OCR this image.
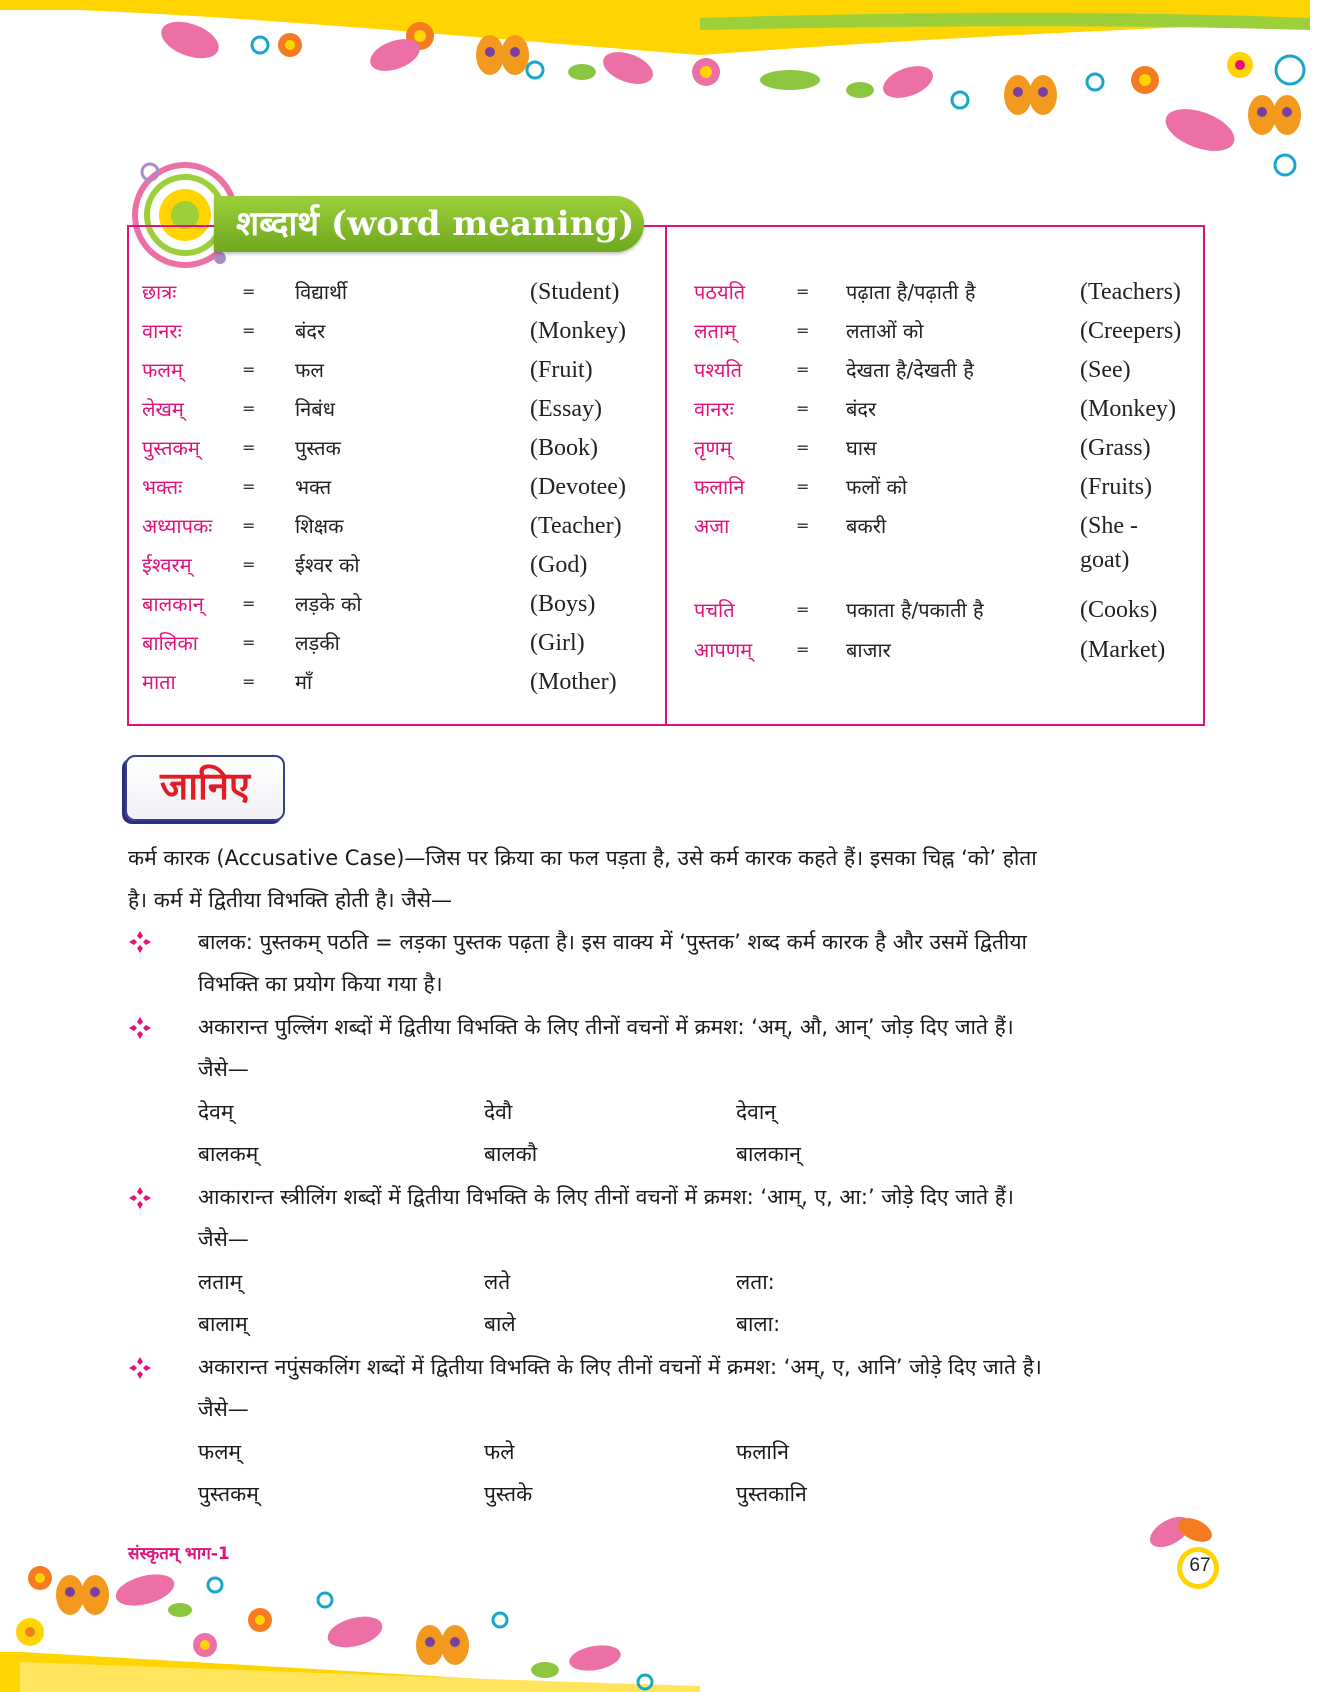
शब्दार्थ (word meaning)
छात्रः	= विद्यार्थी	(Student)
वानरः	= बंदर	(Monkey)
फलम्	= फल	(Fruit)
लेखम्	= निबंध	(Essay)
पुस्तकम्	= पुस्तक	(Book)
भक्तः	= भक्त	(Devotee)
अध्यापकः = शिक्षक	(Teacher)
ईश्वरम्	= ईश्वर को	(God)
बालकान् = लड़के को	(Boys)
बालिका	= लड़की	(Girl)
माता	= माँ	(Mother)
पठयति	= पढ़ाता है/पढ़ाती है	(Teachers)
लताम्	= लताओं को	(Creepers)
पश्यति	= देखता है/देखती है	(See)
वानरः	= बंदर	(Monkey)
तृणम्	= घास	(Grass)
फलानि	= फलों को	(Fruits)
अजा	= बकरी	(She - goat)
पचति	= पकाता है/पकाती है	(Cooks)
आपणम्	= बाजार	(Market)
जानिए
कर्म कारक (Accusative Case)—जिस पर क्रिया का फल पड़ता है, उसे कर्म कारक कहते हैं। इसका चिह्न ‘को’ होता
है। कर्म में द्वितीया विभक्ति होती है। जैसे—
बालक: पुस्तकम् पठति = लड़का पुस्तक पढ़ता है। इस वाक्य में ‘पुस्तक’ शब्द कर्म कारक है और उसमें द्वितीया
विभक्ति का प्रयोग किया गया है।
अकारान्त पुल्लिंग शब्दों में द्वितीया विभक्ति के लिए तीनों वचनों में क्रमश: ‘अम्, औ, आन्’ जोड़ दिए जाते हैं।
जैसे—
देवम्	देवौ	देवान्
बालकम्	बालकौ	बालकान्
आकारान्त स्त्रीलिंग शब्दों में द्वितीया विभक्ति के लिए तीनों वचनों में क्रमश: ‘आम्, ए, आ:’ जोड़े दिए जाते हैं।
जैसे—
लताम्	लते	लता:
बालाम्	बाले	बाला:
अकारान्त नपुंसकलिंग शब्दों में द्वितीया विभक्ति के लिए तीनों वचनों में क्रमश: ‘अम्, ए, आनि’ जोड़े दिए जाते है।
जैसे—
फलम्	फले	फलानि
पुस्तकम्	पुस्तके	पुस्तकानि
संस्कृतम् भाग-1
67
